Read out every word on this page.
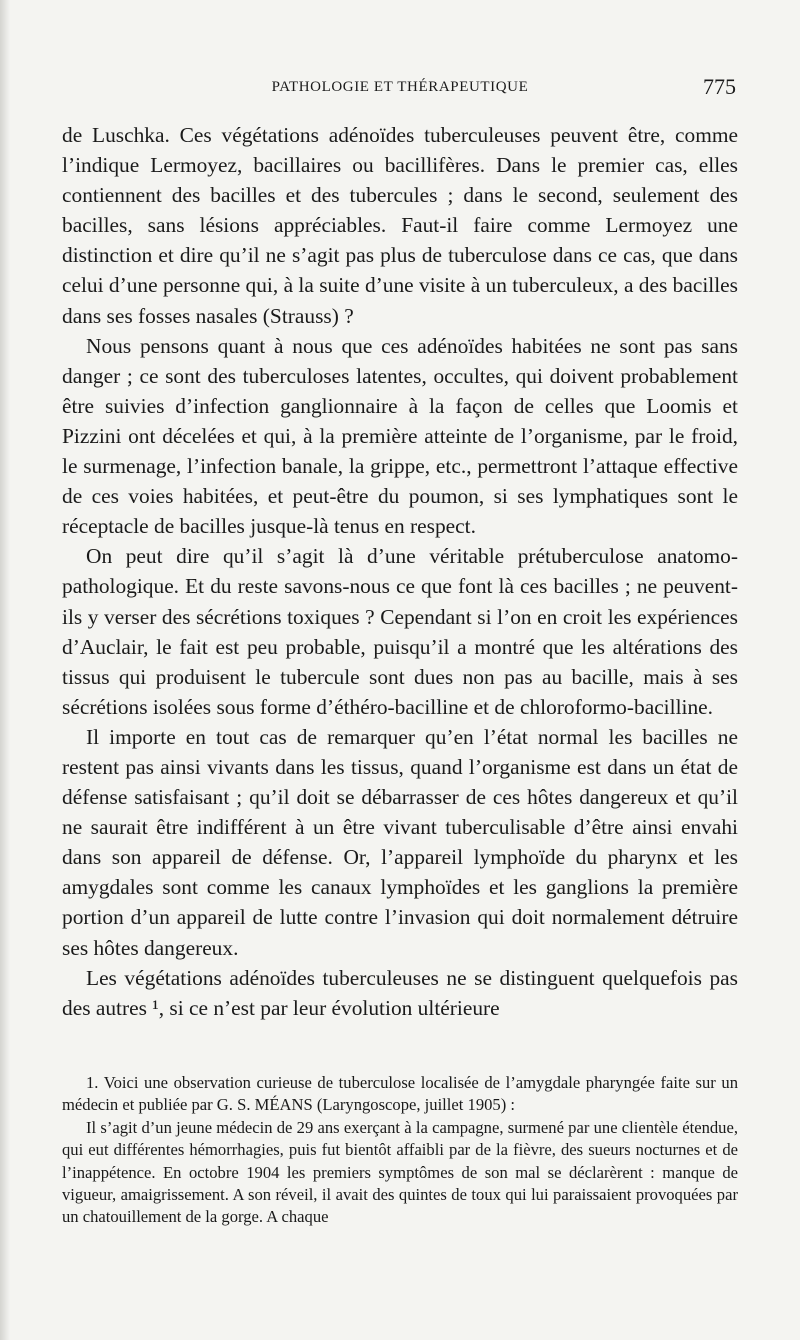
PATHOLOGIE ET THÉRAPEUTIQUE	775

de Luschka. Ces végétations adénoïdes tuberculeuses peuvent être, comme l’indique Lermoyez, bacillaires ou bacillifères. Dans le premier cas, elles contiennent des bacilles et des tubercules ; dans le second, seulement des bacilles, sans lésions appréciables. Faut-il faire comme Lermoyez une distinction et dire qu’il ne s’agit pas plus de tuberculose dans ce cas, que dans celui d’une personne qui, à la suite d’une visite à un tuberculeux, a des bacilles dans ses fosses nasales (Strauss) ?

Nous pensons quant à nous que ces adénoïdes habitées ne sont pas sans danger ; ce sont des tuberculoses latentes, occultes, qui doivent probablement être suivies d’infection ganglionnaire à la façon de celles que Loomis et Pizzini ont décelées et qui, à la première atteinte de l’organisme, par le froid, le surmenage, l’infection banale, la grippe, etc., permettront l’attaque effective de ces voies habitées, et peut-être du poumon, si ses lymphatiques sont le réceptacle de bacilles jusque-là tenus en respect.

On peut dire qu’il s’agit là d’une véritable prétuberculose anatomo-pathologique. Et du reste savons-nous ce que font là ces bacilles ; ne peuvent-ils y verser des sécrétions toxiques ? Cependant si l’on en croit les expériences d’Auclair, le fait est peu probable, puisqu’il a montré que les altérations des tissus qui produisent le tubercule sont dues non pas au bacille, mais à ses sécrétions isolées sous forme d’éthéro-bacilline et de chloroformo-bacilline.

Il importe en tout cas de remarquer qu’en l’état normal les bacilles ne restent pas ainsi vivants dans les tissus, quand l’organisme est dans un état de défense satisfaisant ; qu’il doit se débarrasser de ces hôtes dangereux et qu’il ne saurait être indifférent à un être vivant tuberculisable d’être ainsi envahi dans son appareil de défense. Or, l’appareil lymphoïde du pharynx et les amygdales sont comme les canaux lymphoïdes et les ganglions la première portion d’un appareil de lutte contre l’invasion qui doit normalement détruire ses hôtes dangereux.

Les végétations adénoïdes tuberculeuses ne se distinguent quelquefois pas des autres ¹, si ce n’est par leur évolution ultérieure

1. Voici une observation curieuse de tuberculose localisée de l’amygdale pharyngée faite sur un médecin et publiée par G. S. MÉANS (Laryngoscope, juillet 1905) :

Il s’agit d’un jeune médecin de 29 ans exerçant à la campagne, surmené par une clientèle étendue, qui eut différentes hémorrhagies, puis fut bientôt affaibli par de la fièvre, des sueurs nocturnes et de l’inappétence. En octobre 1904 les premiers symptômes de son mal se déclarèrent : manque de vigueur, amaigrissement. A son réveil, il avait des quintes de toux qui lui paraissaient provoquées par un chatouillement de la gorge. A chaque
